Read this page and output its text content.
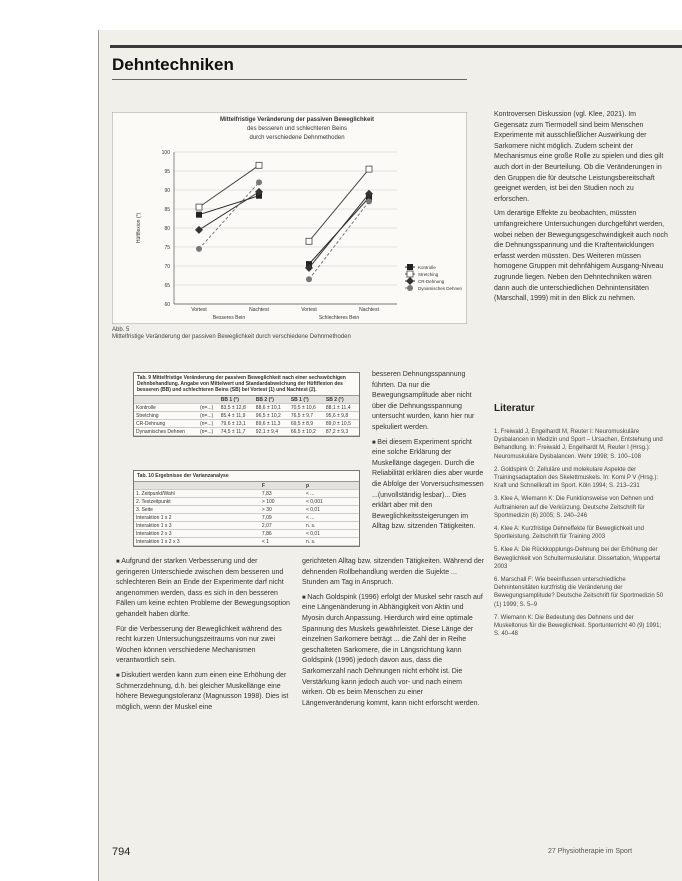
Dehntechniken
Mittelfristige Veränderung der passiven Beweglichkeit
des besseren und schlechteren Beins
durch verschiedene Dehnmethoden
60
65
70
75
80
85
90
95
100
Hüftflexion (°)
Vortest	Nachtest
Besseres Bein
Vortest	Nachtest
Schlechteres Bein
Kontrolle
Stretching
CR-Dehnung
Dynamisches Dehnen
Abb. 5
Mittelfristige Veränderung der passiven Beweglichkeit durch verschiedene Dehnmethoden
Tab. 9 Mittelfristige Veränderung der passiven Beweglichkeit nach einer sechswöchigen Dehnbehandlung. Angabe von Mittelwert und Standardabweichung der Hüftflexion des besseren (BB) und schlechteren Beins (SB) bei Vortest (1) und Nachtest (2).
		BB 1 (°)	BB 2 (°)	SB 1 (°)	SB 2 (°)
Kontrolle	(n=...)	83,5 ± 12,8	88,6 ± 10,1	70,5 ± 10,6	88,1 ± 11,4
Stretching	(n=...)	85,4 ± 11,9	96,5 ± 10,2	76,5 ± 9,7	95,6 ± 9,8
CR-Dehnung	(n=...)	79,6 ± 13,1	89,6 ± 11,3	69,5 ± 8,9	89,0 ± 10,5
Dynamisches Dehnen	(n=...)	74,5 ± 11,7	92,1 ± 9,4	66,5 ± 10,2	87,2 ± 9,3
Tab. 10 Ergebnisse der Varianzanalyse
	F	p
1. Zeitpunkt/Wahl	7,83	< ...
2. Testzeitpunkt	> 100	< 0,001
3. Seite	> 30	< 0,01
Interaktion 1 x 2	7,09	< ...
Interaktion 1 x 3	2,07	n. s.
Interaktion 2 x 3	7,86	< 0,01
Interaktion 1 x 2 x 3	< 1	n. s.

besseren Dehnungsspannung führten. Da nur die Bewegungsamplitude aber nicht über die Dehnungsspannung untersucht wurden, kann hier nur spekuliert werden.

■ Bei diesem Experiment spricht eine solche Erklärung der Muskellänge dagegen. Durch die Reliabilität erklären dies aber wurde die Abfolge der Vorversuchsmessen ...(unvollständig lesbar)... Dies erklärt aber mit den Beweglichkeitssteigerungen im Alltag bzw. sitzenden Tätigkeiten.

■ Aufgrund der starken Verbesserung und der geringeren Unterschiede zwischen dem besseren und schlechteren Bein an Ende der Experimente darf nicht angenommen werden, dass es sich in den besseren Fällen um keine echten Probleme der Bewegungsoption gehandelt haben dürfte.

Für die Verbesserung der Beweglichkeit während des recht kurzen Untersuchungszeitraums von nur zwei Wochen können verschiedene Mechanismen verantwortlich sein.

■ Diskutiert werden kann zum einen eine Erhöhung der Schmerzdehnung, d.h. bei gleicher Muskellänge eine höhere Bewegungstoleranz (Magnusson 1998). Dies ist möglich, wenn der Muskel eine

gerichteten Alltag bzw. sitzenden Tätigkeiten. Während der dehnenden Rollbehandlung werden die Sujekte ... Stunden am Tag in Anspruch.

■ Nach Goldspink (1996) erfolgt der Muskel sehr rasch auf eine Längenänderung in Abhängigkeit von Aktin und Myosin durch Anpassung. Hierdurch wird eine optimale Spannung des Muskels gewährleistet. Diese Länge der einzelnen Sarkomere beträgt ... die Zahl der in Reihe geschalteten Sarkomere, die in Längsrichtung kann Goldspink (1996) jedoch davon aus, dass die Sarkomerzahl nach Dehnungen nicht erhöht ist. Die Verstärkung kann jedoch auch vor- und nach einem wirken. Ob es beim Menschen zu einer Längenveränderung kommt, kann nicht erforscht werden.

Kontroversen Diskussion (vgl. Klee, 2021). Im Gegensatz zum Tiermodell sind beim Menschen Experimente mit ausschließlicher Auswirkung der Sarkomere nicht möglich. Zudem scheint der Mechanismus eine große Rolle zu spielen und dies gilt auch dort in der Beurteilung. Ob die Veränderungen in den Gruppen die für deutsche Leistungsbereitschaft geeignet werden, ist bei den Studien noch zu erforschen.

Um derartige Effekte zu beobachten, müssten umfangreichere Untersuchungen durchgeführt werden, wobei neben der Bewegungsgeschwindigkeit auch noch die Dehnungsspannung und die Kraftentwicklungen erfasst werden müssten. Des Weiteren müssen homogene Gruppen mit dehnfähigem Ausgang-Niveau zugrunde liegen. Neben den Dehntechniken wären dann auch die unterschiedlichen Dehnintensitäten (Marschall, 1999) mit in den Blick zu nehmen.

Literatur
1. Freiwald J, Engelhardt M, Reuter I: Neuromuskuläre Dysbalancen in Medizin und Sport – Ursachen, Entstehung und Behandlung. In: Freiwald J, Engelhardt M, Reuter I (Hrsg.): Neuromuskuläre Dysbalancen. Wehr 1998; S. 100–108
2. Goldspink G: Zelluläre und molekulare Aspekte der Trainingsadaptation des Skelettmuskels. In: Komi P V (Hrsg.): Kraft und Schnellkraft im Sport. Köln 1994; S. 213–231
3. Klee A, Wiemann K: Die Funktionsweise von Dehnen und Auftrainieren auf die Verkürzung. Deutsche Zeitschrift für Sportmedizin (6) 2005; S. 240–246
4. Klee A: Kurzfristige Dehneffekte für Beweglichkeit und Sportleistung. Zeitschrift für Training 2003
5. Klee A: Die Rückkopplungs-Dehnung bei der Erhöhung der Beweglichkeit von Schultermuskulatur. Dissertation, Wuppertal 2003
6. Marschall F: Wie beeinflussen unterschiedliche Dehnintensitäten kurzfristig die Veränderung der Bewegungsamplitude? Deutsche Zeitschrift für Sportmedizin 50 (1) 1999; S. 5–9
7. Wiemann K: Die Bedeutung des Dehnens und der Muskeltonus für die Beweglichkeit. Sportunterricht 40 (9) 1991; S. 40–48
794	27 Physiotherapie im Sport
